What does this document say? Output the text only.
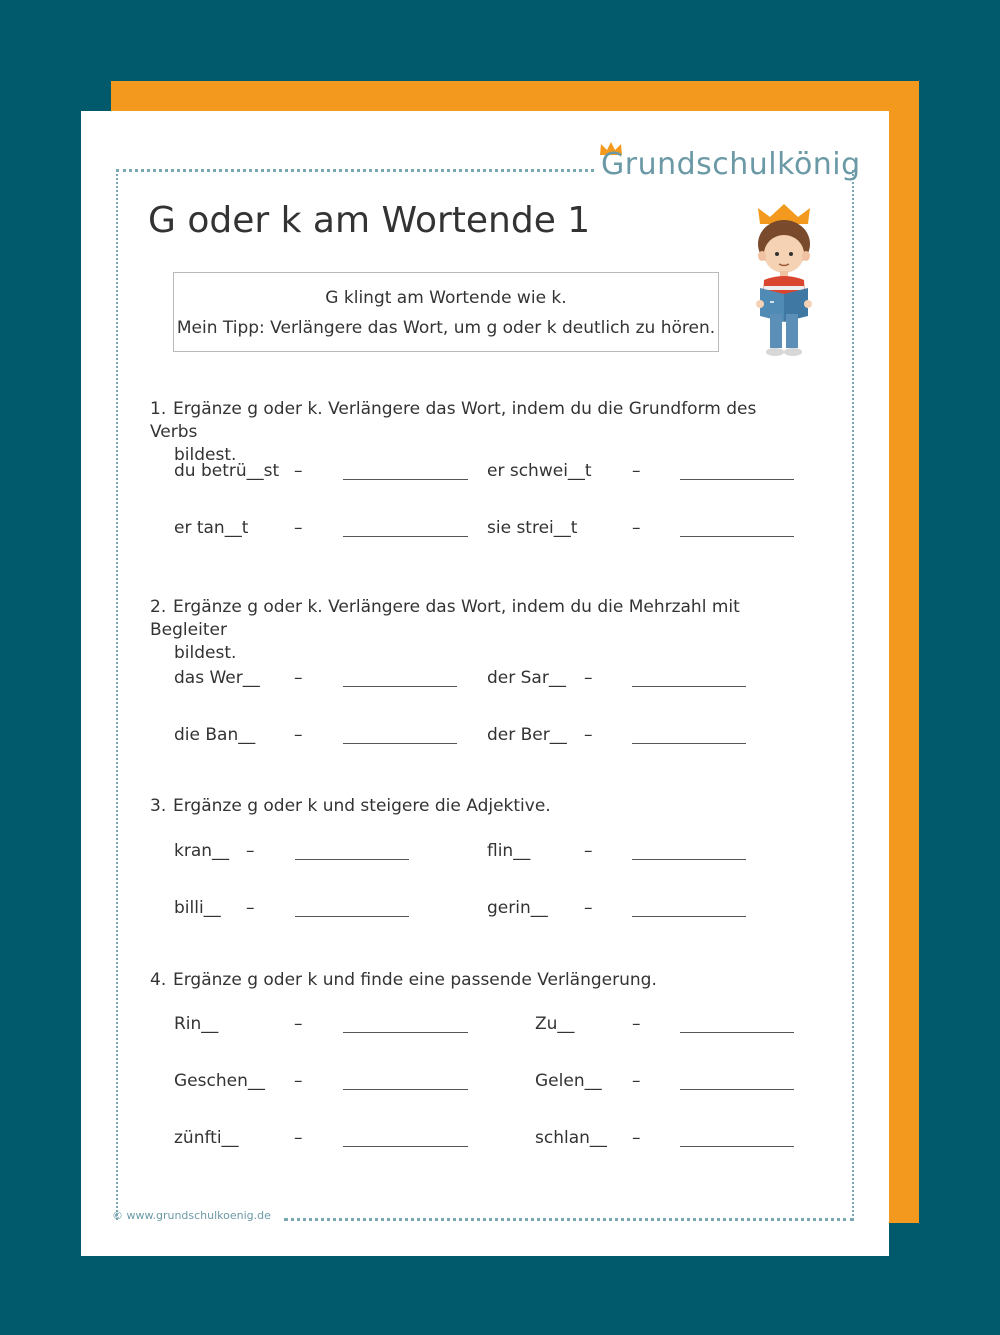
Grundschulkönig
G oder k am Wortende 1
G klingt am Wortende wie k.
Mein Tipp: Verlängere das Wort, um g oder k deutlich zu hören.
1. Ergänze g oder k. Verlängere das Wort, indem du die Grundform des Verbs
bildest.
du betrü__st –	er schwei__t –
er tan__t	–	sie strei__t	–
2. Ergänze g oder k. Verlängere das Wort, indem du die Mehrzahl mit Begleiter
bildest.
das Wer__ –	der Sar__ –
die Ban__ –	der Ber__ –
3. Ergänze g oder k und steigere die Adjektive.
kran__ –	flin__	–
billi__ –	gerin__ –
4. Ergänze g oder k und finde eine passende Verlängerung.
Rin__	–	Zu__	–
Geschen__ –	Gelen__ –
zünfti__	–	schlan__ –
© www.grundschulkoenig.de
